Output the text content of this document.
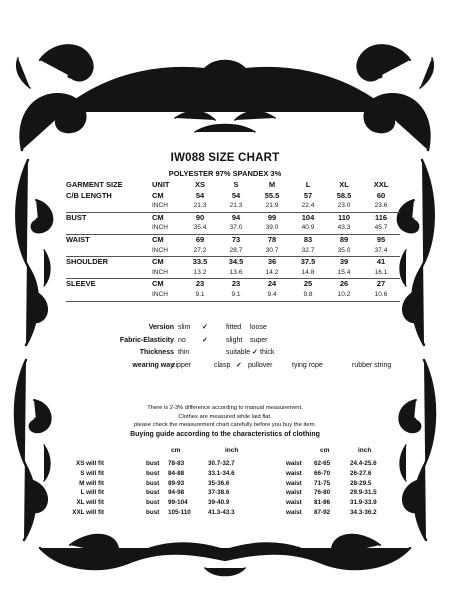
IW088 SIZE CHART
POLYESTER 97% SPANDEX 3%
GARMENT SIZE	UNIT	XS	S	M	L	XL	XXL
C/B LENGTH	CM	54	54	55.5	57	58.5	60
	INCH	21.3	21.3	21.9	22.4	23.0	23.6
BUST	CM	90	94	99	104	110	116
	INCH	35.4	37.0	39.0	40.9	43.3	45.7
WAIST	CM	69	73	78	83	89	95
	INCH	27.2	28.7	30.7	32.7	35.0	37.4
SHOULDER	CM	33.5	34.5	36	37.5	39	41
	INCH	13.2	13.6	14.2	14.8	15.4	16.1
SLEEVE	CM	23	23	24	25	26	27
	INCH	9.1	9.1	9.4	9.8	10.2	10.6
Version slim ✓	fitted loose
Fabric-Elasticity no ✓	slight super
Thickness thin	suitable ✓ thick
wearing way
zipper	clasp ✓ pullover	tying rope	rubber string
There is 2-3% difference according to manual measurement.
Clothes are measured while laid flat.
please check the measurement chart carefully before you buy the item.
Buying guide according to the characteristics of clothing
cm	inch	cm	inch
XS will fit	bust 78-83	30.7-32.7	waist 62-65	24.4-25.6
S will fit	bust 84-88	33.1-34.6	waist 66-70	26-27.6
M will fit	bust 89-93	35-36.6	waist 71-75	28-29.5
L will fit	bust 94-98	37-38.6	waist 76-80	29.9-31.5
XL will fit	bust 99-104	39-40.9	waist 81-86	31.9-33.9
XXL will fit	bust 105-110	41.3-43.3	waist 87-92	34.3-36.2
